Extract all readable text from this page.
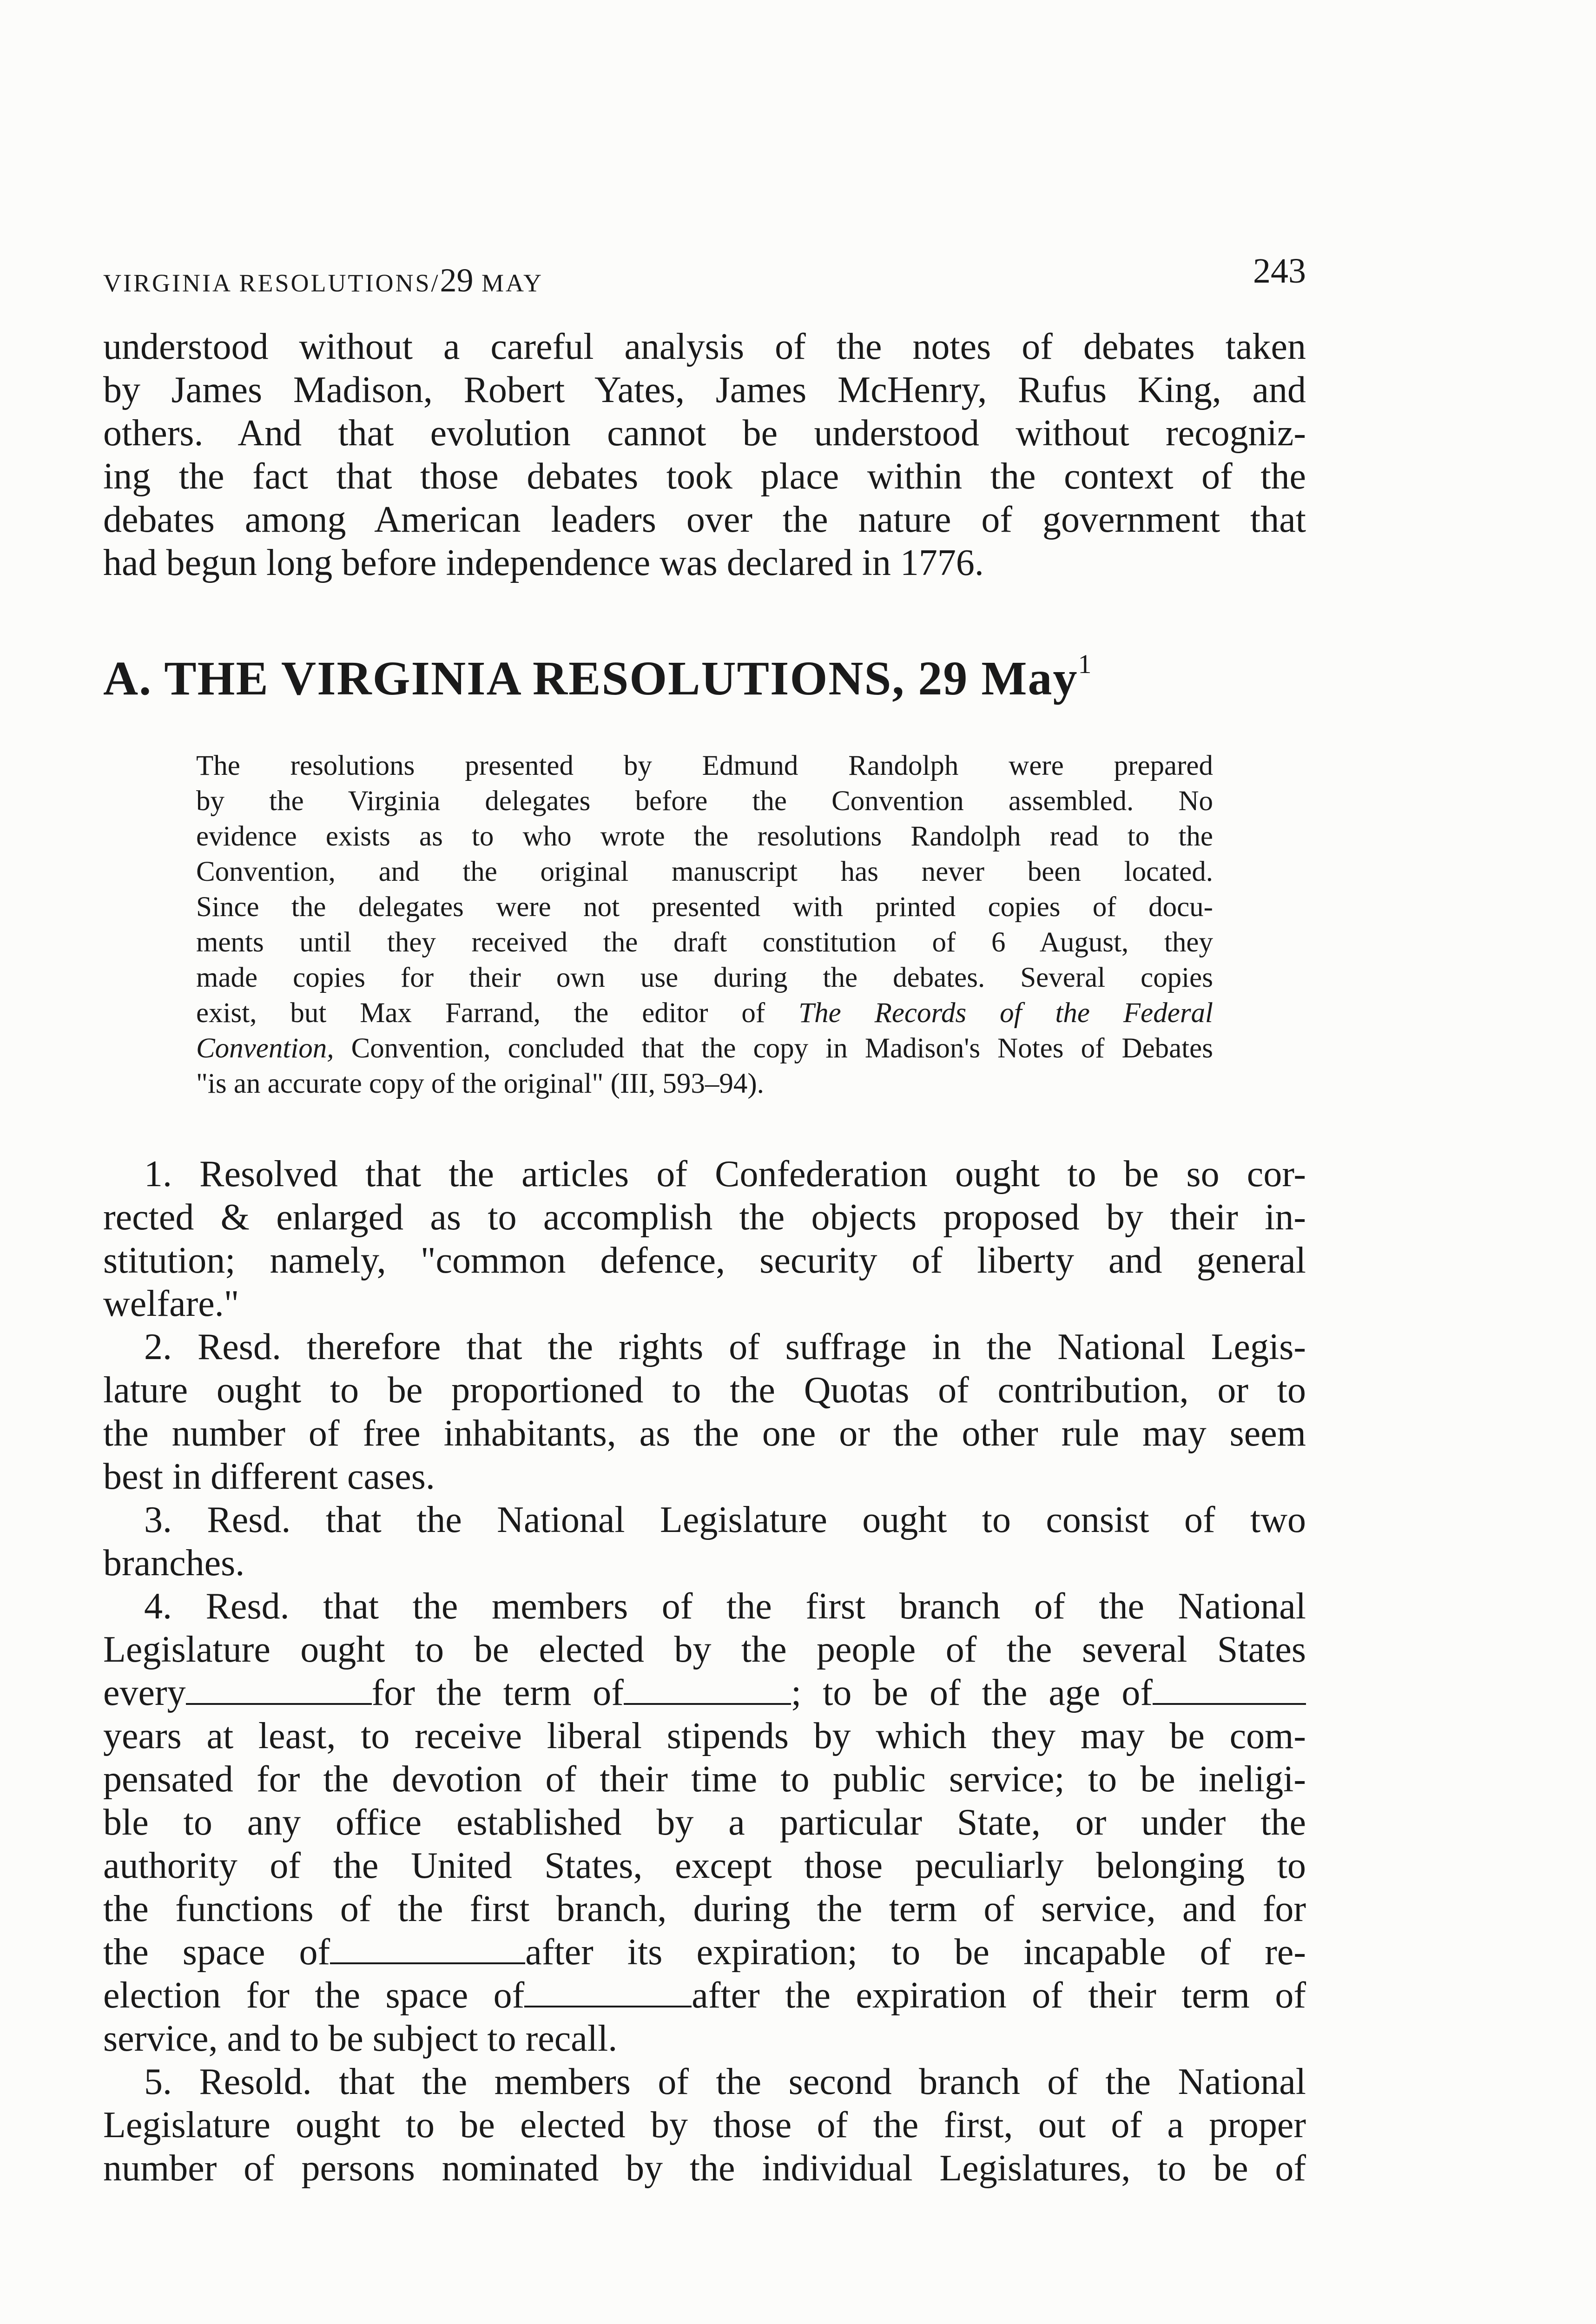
VIRGINIA RESOLUTIONS/29 MAY	243
understood without a careful analysis of the notes of debates taken
by James Madison, Robert Yates, James McHenry, Rufus King, and
others. And that evolution cannot be understood without recogniz-
ing the fact that those debates took place within the context of the
debates among American leaders over the nature of government that
had begun long before independence was declared in 1776.
A. THE VIRGINIA RESOLUTIONS, 29 May$^1$
The resolutions presented by Edmund Randolph were prepared
by the Virginia delegates before the Convention assembled. No
evidence exists as to who wrote the resolutions Randolph read to the
Convention, and the original manuscript has never been located.
Since the delegates were not presented with printed copies of docu-
ments until they received the draft constitution of 6 August, they
made copies for their own use during the debates. Several copies
exist, but Max Farrand, the editor of The Records of the Federal
Convention, Convention, concluded that the copy in Madison's Notes of Debates
"is an accurate copy of the original" (III, 593–94).
1. Resolved that the articles of Confederation ought to be so cor-
rected & enlarged as to accomplish the objects proposed by their in-
stitution; namely, "common defence, security of liberty and general
welfare."
2. Resd. therefore that the rights of suffrage in the National Legis-
lature ought to be proportioned to the Quotas of contribution, or to
the number of free inhabitants, as the one or the other rule may seem
best in different cases.
3. Resd. that the National Legislature ought to consist of two
branches.
4. Resd. that the members of the first branch of the National
Legislature ought to be elected by the people of the several States
every	for the term of	; to be of the age of
years at least, to receive liberal stipends by which they may be com-
pensated for the devotion of their time to public service; to be ineligi-
ble to any office established by a particular State, or under the
authority of the United States, except those peculiarly belonging to
the functions of the first branch, during the term of service, and for
the space of	after its expiration; to be incapable of re-
election for the space of	after the expiration of their term of
service, and to be subject to recall.
5. Resold. that the members of the second branch of the National
Legislature ought to be elected by those of the first, out of a proper
number of persons nominated by the individual Legislatures, to be of
